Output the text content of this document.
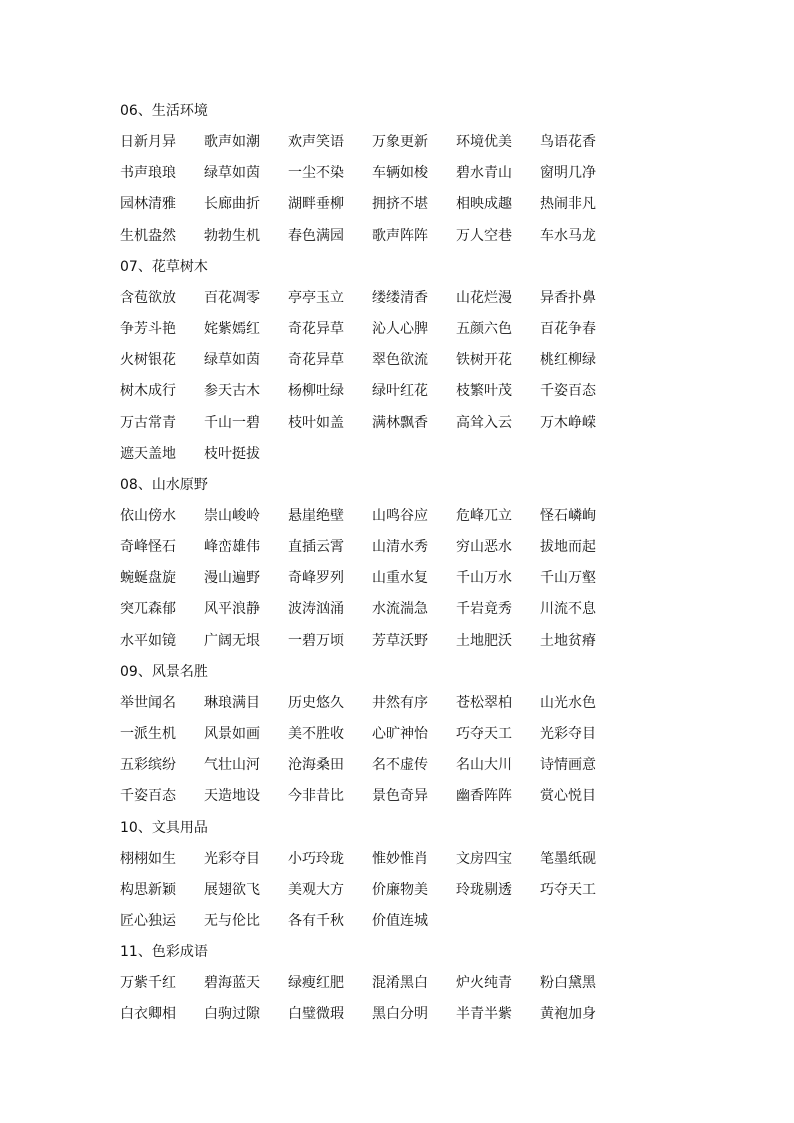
06、生活环境
日新月异	歌声如潮	欢声笑语	万象更新	环境优美	鸟语花香
书声琅琅	绿草如茵	一尘不染	车辆如梭	碧水青山	窗明几净
园林清雅	长廊曲折	湖畔垂柳	拥挤不堪	相映成趣	热闹非凡
生机盎然	勃勃生机	春色满园	歌声阵阵	万人空巷	车水马龙
07、花草树木
含苞欲放	百花凋零	亭亭玉立	缕缕清香	山花烂漫	异香扑鼻
争芳斗艳	姹紫嫣红	奇花异草	沁人心脾	五颜六色	百花争春
火树银花	绿草如茵	奇花异草	翠色欲流	铁树开花	桃红柳绿
树木成行	参天古木	杨柳吐绿	绿叶红花	枝繁叶茂	千姿百态
万古常青	千山一碧	枝叶如盖	满林飘香	高耸入云	万木峥嵘
遮天盖地	枝叶挺拔
08、山水原野
依山傍水	崇山峻岭	悬崖绝壁	山鸣谷应	危峰兀立	怪石嶙峋
奇峰怪石	峰峦雄伟	直插云霄	山清水秀	穷山恶水	拔地而起
蜿蜒盘旋	漫山遍野	奇峰罗列	山重水复	千山万水	千山万壑
突兀森郁	风平浪静	波涛汹涌	水流湍急	千岩竟秀	川流不息
水平如镜	广阔无垠	一碧万顷	芳草沃野	土地肥沃	土地贫瘠
09、风景名胜
举世闻名	琳琅满目	历史悠久	井然有序	苍松翠柏	山光水色
一派生机	风景如画	美不胜收	心旷神怡	巧夺天工	光彩夺目
五彩缤纷	气壮山河	沧海桑田	名不虚传	名山大川	诗情画意
千姿百态	天造地设	今非昔比	景色奇异	幽香阵阵	赏心悦目
10、文具用品
栩栩如生	光彩夺目	小巧玲珑	惟妙惟肖	文房四宝	笔墨纸砚
构思新颖	展翅欲飞	美观大方	价廉物美	玲珑剔透	巧夺天工
匠心独运	无与伦比	各有千秋	价值连城
11、色彩成语
万紫千红	碧海蓝天	绿瘦红肥	混淆黑白	炉火纯青	粉白黛黑
白衣卿相	白驹过隙	白璧微瑕	黑白分明	半青半紫	黄袍加身
